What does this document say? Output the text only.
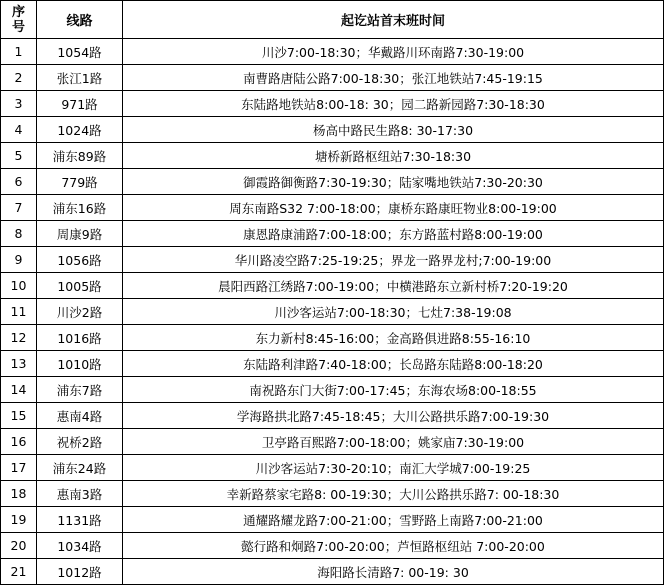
序
号	线路	起讫站首末班时间
1	1054路	川沙7:00-18:30；华戴路川环南路7:30-19:00
2	张江1路	南曹路唐陆公路7:00-18:30；张江地铁站7:45-19:15
3	971路	东陆路地铁站8:00-18: 30；园二路新园路7:30-18:30
4	1024路	杨高中路民生路8: 30-17:30
5	浦东89路	塘桥新路枢纽站7:30-18:30
6	779路	御霞路御衡路7:30-19:30；陆家嘴地铁站7:30-20:30
7	浦东16路	周东南路S32 7:00-18:00；康桥东路康旺物业8:00-19:00
8	周康9路	康恩路康浦路7:00-18:00；东方路蓝村路8:00-19:00
9	1056路	华川路凌空路7:25-19:25；界龙一路界龙村;7:00-19:00
10	1005路	晨阳西路江绣路7:00-19:00；中横港路东立新村桥7:20-19:20
11	川沙2路	川沙客运站7:00-18:30；七灶7:38-19:08
12	1016路	东力新村8:45-16:00；金高路俱进路8:55-16:10
13	1010路	东陆路利津路7:40-18:00；长岛路东陆路8:00-18:20
14	浦东7路	南祝路东门大街7:00-17:45；东海农场8:00-18:55
15	惠南4路	学海路拱北路7:45-18:45；大川公路拱乐路7:00-19:30
16	祝桥2路	卫亭路百熙路7:00-18:00；姚家庙7:30-19:00
17	浦东24路	川沙客运站7:30-20:10；南汇大学城7:00-19:25
18	惠南3路	幸新路蔡家宅路8: 00-19:30；大川公路拱乐路7: 00-18:30
19	1131路	通耀路耀龙路7:00-21:00；雪野路上南路7:00-21:00
20	1034路	懿行路和炯路7:00-20:00；芦恒路枢纽站 7:00-20:00
21	1012路	海阳路长清路7: 00-19: 30
